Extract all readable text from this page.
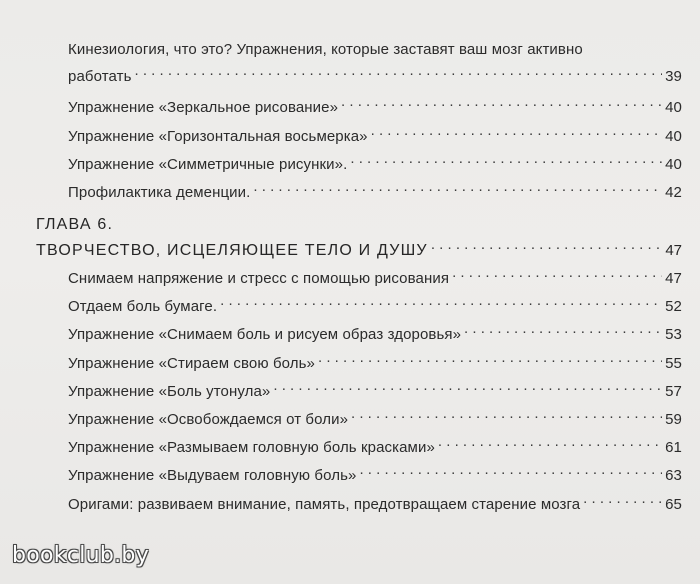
Кинезиология, что это? Упражнения, которые заставят ваш мозг активно
работать . . .	39
Упражнение «Зеркальное рисование» . . .	40
Упражнение «Горизонтальная восьмерка» . . .	40
Упражнение «Симметричные рисунки». . . .	40
Профилактика деменции. . . .	42
ГЛАВА 6.
ТВОРЧЕСТВО, ИСЦЕЛЯЮЩЕЕ ТЕЛО И ДУШУ . . .	47
Снимаем напряжение и стресс с помощью рисования . . .	47
Отдаем боль бумаге. . . .	52
Упражнение «Снимаем боль и рисуем образ здоровья» . . .	53
Упражнение «Стираем свою боль» . . .	55
Упражнение «Боль утонула» . . .	57
Упражнение «Освобождаемся от боли» . . .	59
Упражнение «Размываем головную боль красками» . . .	61
Упражнение «Выдуваем головную боль» . . .	63
Оригами: развиваем внимание, память, предотвращаем старение мозга . . .	65
bookclub.by
